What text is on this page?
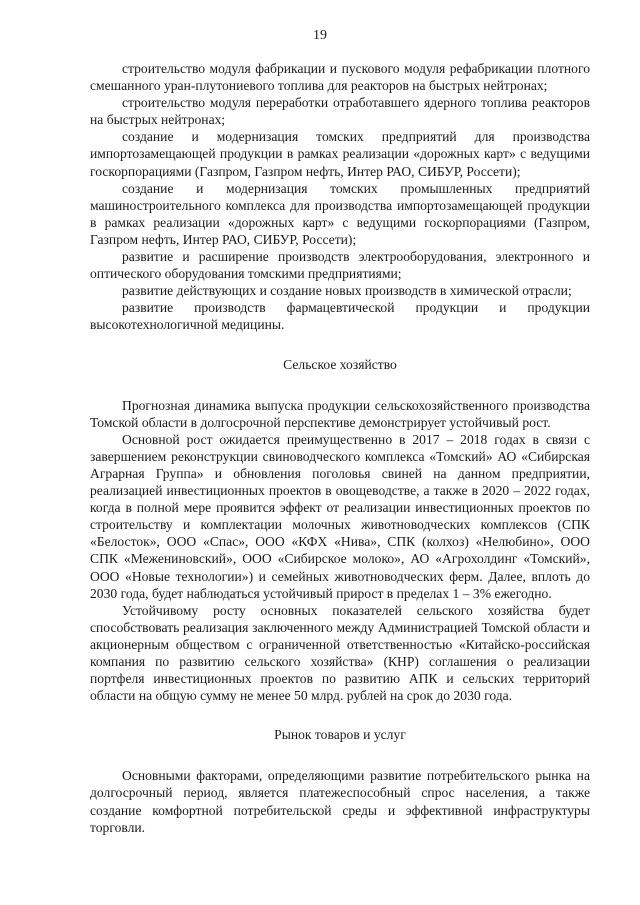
19

строительство модуля фабрикации и пускового модуля рефабрикации плотного смешанного уран-плутониевого топлива для реакторов на быстрых нейтронах;

строительство модуля переработки отработавшего ядерного топлива реакторов на быстрых нейтронах;

создание и модернизация томских предприятий для производства импортозамещающей продукции в рамках реализации «дорожных карт» с ведущими госкорпорациями (Газпром, Газпром нефть, Интер РАО, СИБУР, Россети);

создание и модернизация томских промышленных предприятий машиностроительного комплекса для производства импортозамещающей продукции в рамках реализации «дорожных карт» с ведущими госкорпорациями (Газпром, Газпром нефть, Интер РАО, СИБУР, Россети);

развитие и расширение производств электрооборудования, электронного и оптического оборудования томскими предприятиями;

развитие действующих и создание новых производств в химической отрасли;

развитие производств фармацевтической продукции и продукции высокотехнологичной медицины.

Сельское хозяйство

Прогнозная динамика выпуска продукции сельскохозяйственного производства Томской области в долгосрочной перспективе демонстрирует устойчивый рост.

Основной рост ожидается преимущественно в 2017 – 2018 годах в связи с завершением реконструкции свиноводческого комплекса «Томский» АО «Сибирская Аграрная Группа» и обновления поголовья свиней на данном предприятии, реализацией инвестиционных проектов в овощеводстве, а также в 2020 – 2022 годах, когда в полной мере проявится эффект от реализации инвестиционных проектов по строительству и комплектации молочных животноводческих комплексов (СПК «Белосток», ООО «Спас», ООО «КФХ «Нива», СПК (колхоз) «Нелюбино», ООО СПК «Межениновский», ООО «Сибирское молоко», АО «Агрохолдинг «Томский», ООО «Новые технологии») и семейных животноводческих ферм. Далее, вплоть до 2030 года, будет наблюдаться устойчивый прирост в пределах 1 – 3% ежегодно.

Устойчивому росту основных показателей сельского хозяйства будет способствовать реализация заключенного между Администрацией Томской области и акционерным обществом с ограниченной ответственностью «Китайско-российская компания по развитию сельского хозяйства» (КНР) соглашения о реализации портфеля инвестиционных проектов по развитию АПК и сельских территорий области на общую сумму не менее 50 млрд. рублей на срок до 2030 года.

Рынок товаров и услуг

Основными факторами, определяющими развитие потребительского рынка на долгосрочный период, является платежеспособный спрос населения, а также создание комфортной потребительской среды и эффективной инфраструктуры торговли.
